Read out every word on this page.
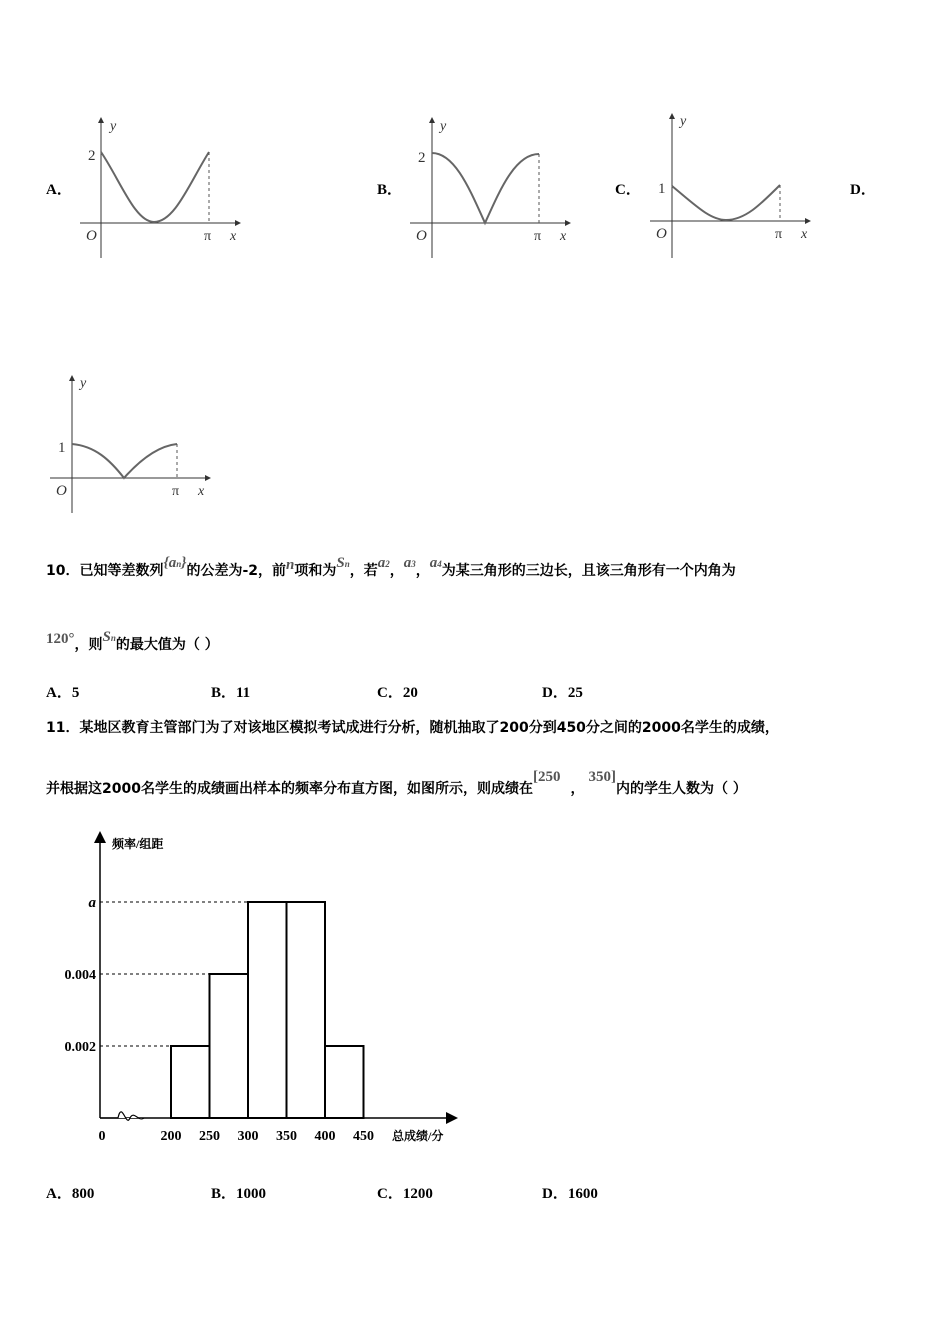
A．	B．	C．	D．
y
2
O	π x
y
2
O	π x
y
1
O	π x
y
1
O	π x
10．已知等差数列{an}的公差为-2，前n项和为Sn，若a2，a3，a4为某三角形的三边长，且该三角形有一个内角为
120°，则Sn的最大值为（ ）
A．5	B．11	C．20	D．25
11．某地区教育主管部门为了对该地区模拟考试成进行分析，随机抽取了200分到450分之间的2000名学生的成绩，
并根据这2000名学生的成绩画出样本的频率分布直方图，如图所示，则成绩在[250，350]内的学生人数为（ ）
0.002
0.004
a
0	200 250 300 350 400 450
频率/组距
总成绩/分
A．800	B．1000	C．1200	D．1600
